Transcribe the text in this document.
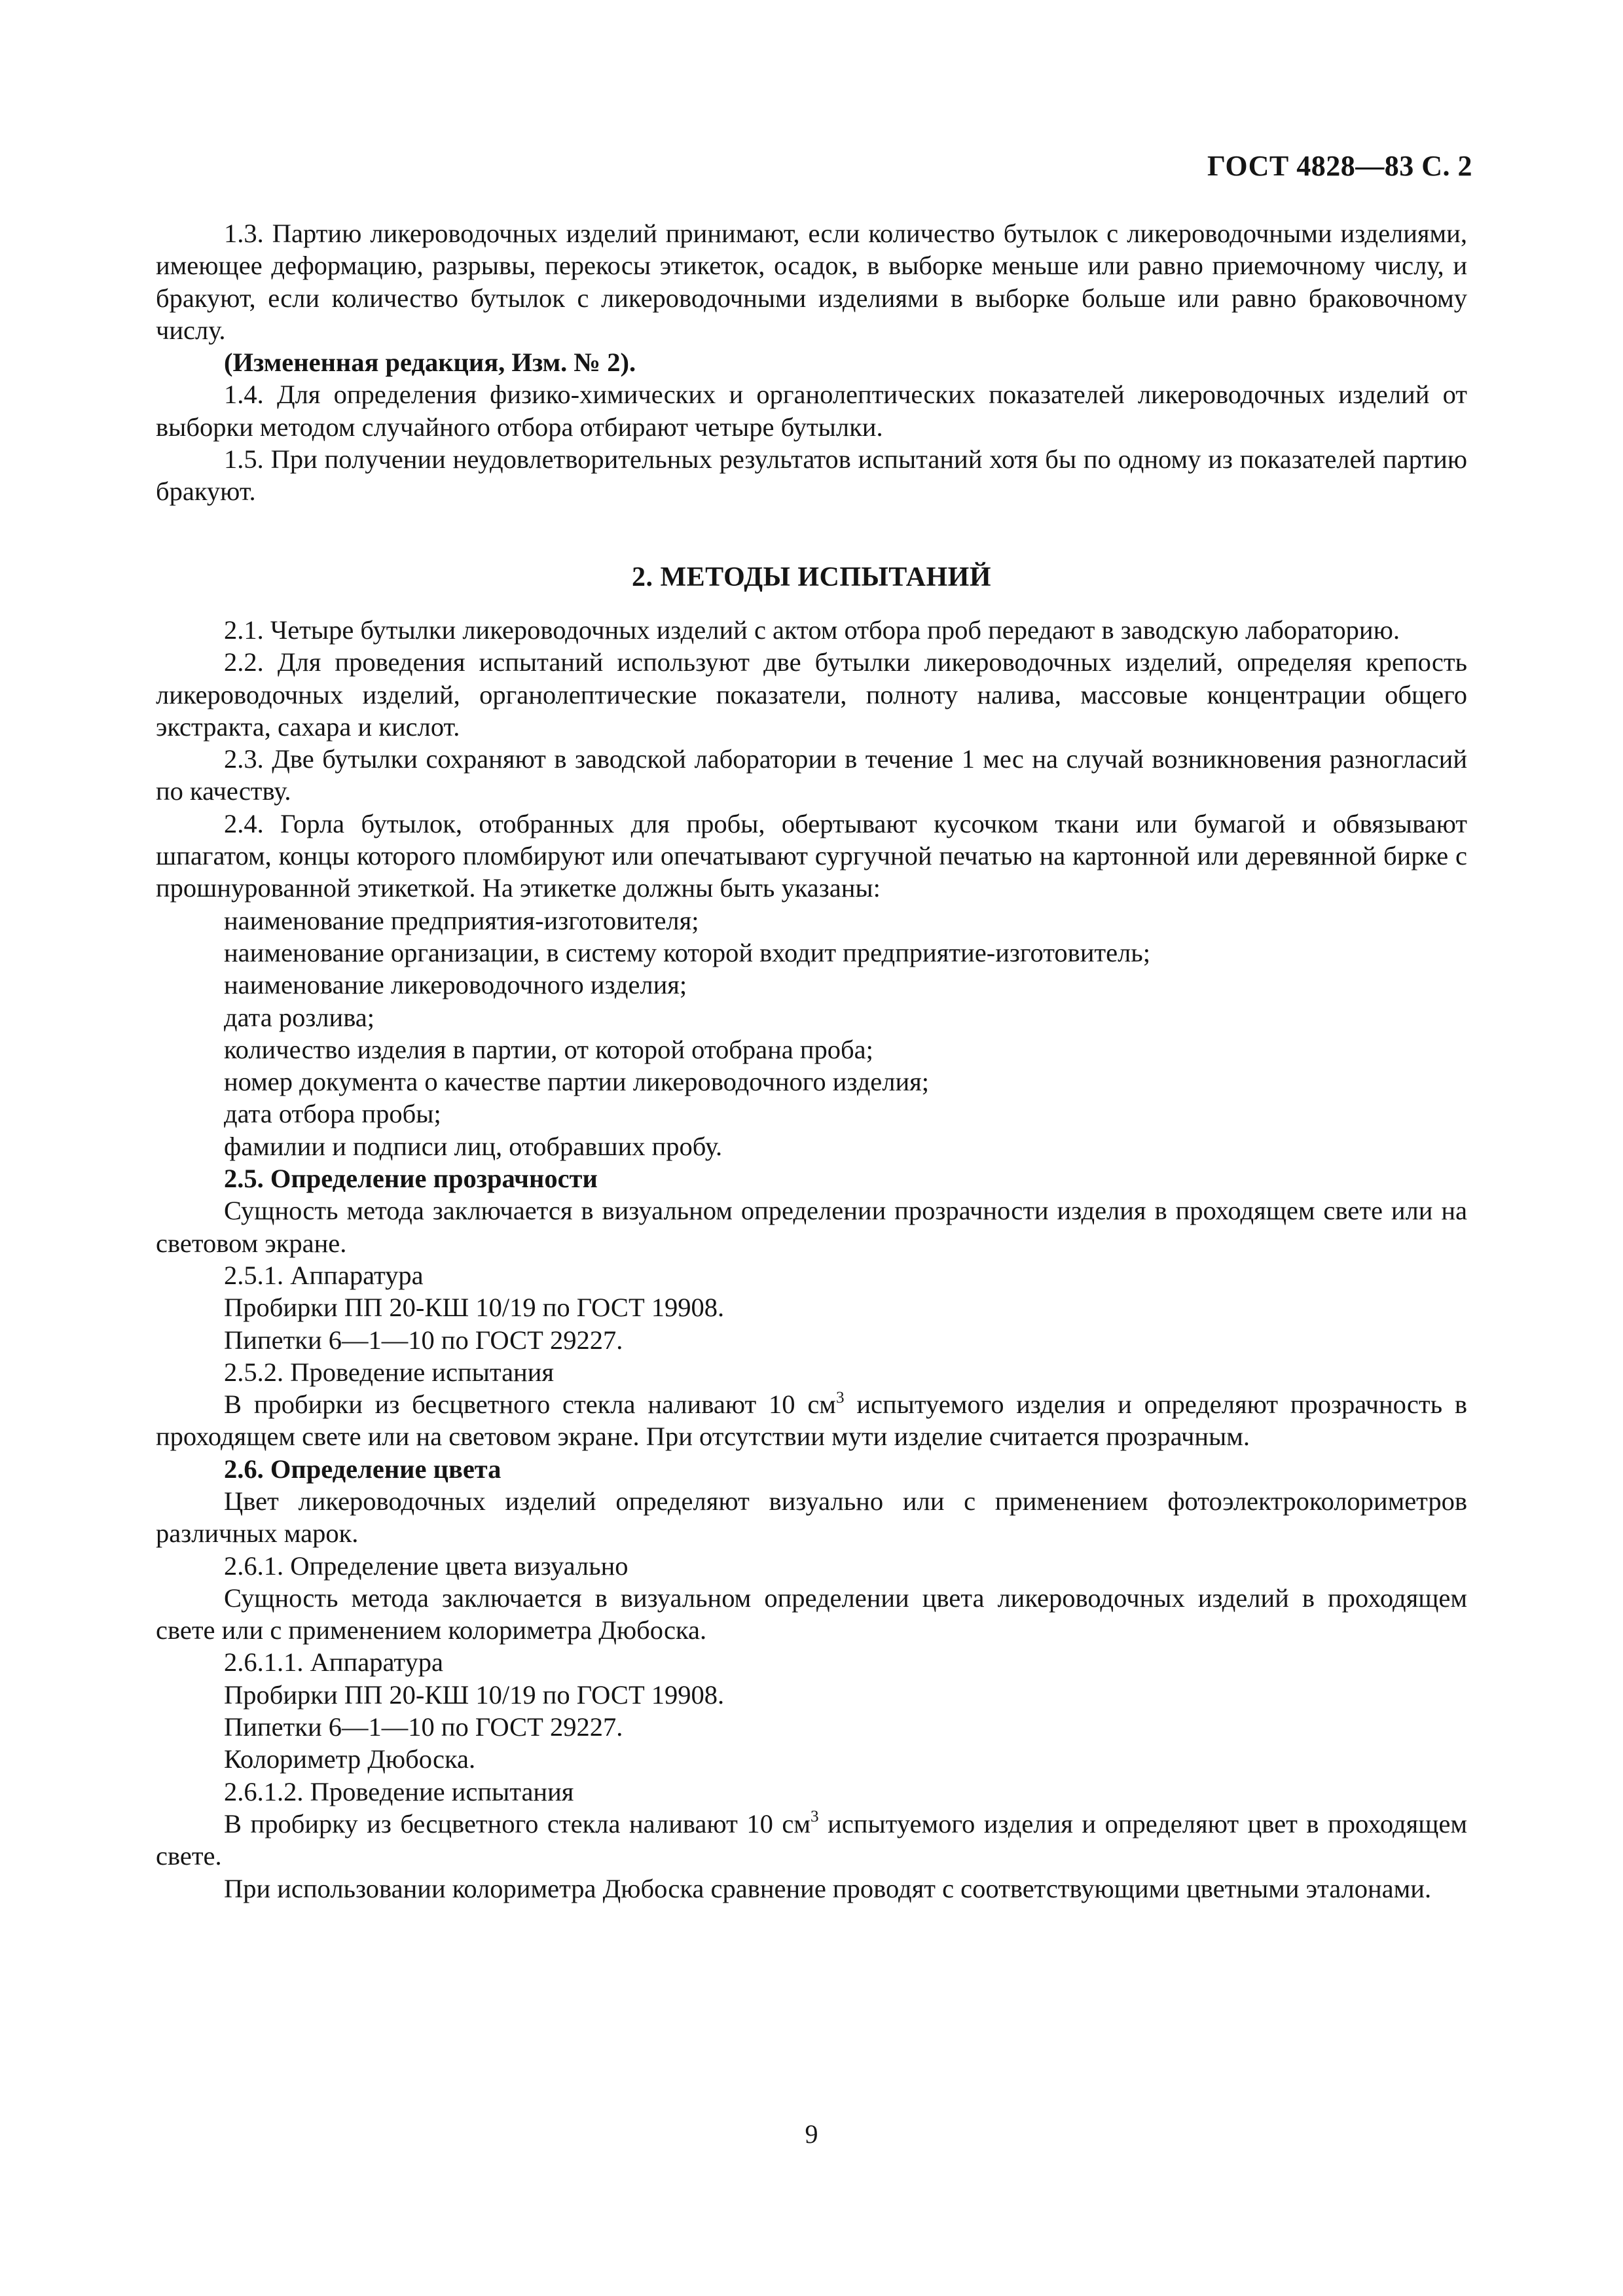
ГОСТ 4828—83 С. 2

1.3. Партию ликероводочных изделий принимают, если количество бутылок с ликероводочными изделиями, имеющее деформацию, разрывы, перекосы этикеток, осадок, в выборке меньше или равно приемочному числу, и бракуют, если количество бутылок с ликероводочными изделиями в выборке больше или равно браковочному числу.

(Измененная редакция, Изм. № 2).

1.4. Для определения физико-химических и органолептических показателей ликероводочных изделий от выборки методом случайного отбора отбирают четыре бутылки.

1.5. При получении неудовлетворительных результатов испытаний хотя бы по одному из показателей партию бракуют.

2. МЕТОДЫ ИСПЫТАНИЙ

2.1. Четыре бутылки ликероводочных изделий с актом отбора проб передают в заводскую лабораторию.

2.2. Для проведения испытаний используют две бутылки ликероводочных изделий, определяя крепость ликероводочных изделий, органолептические показатели, полноту налива, массовые концентрации общего экстракта, сахара и кислот.

2.3. Две бутылки сохраняют в заводской лаборатории в течение 1 мес на случай возникновения разногласий по качеству.

2.4. Горла бутылок, отобранных для пробы, обертывают кусочком ткани или бумагой и обвязывают шпагатом, концы которого пломбируют или опечатывают сургучной печатью на картонной или деревянной бирке с прошнурованной этикеткой. На этикетке должны быть указаны:

наименование предприятия-изготовителя;

наименование организации, в систему которой входит предприятие-изготовитель;

наименование ликероводочного изделия;

дата розлива;

количество изделия в партии, от которой отобрана проба;

номер документа о качестве партии ликероводочного изделия;

дата отбора пробы;

фамилии и подписи лиц, отобравших пробу.

2.5. Определение прозрачности

Сущность метода заключается в визуальном определении прозрачности изделия в проходящем свете или на световом экране.

2.5.1. Аппаратура

Пробирки ПП 20-КШ 10/19 по ГОСТ 19908.

Пипетки 6—1—10 по ГОСТ 29227.

2.5.2. Проведение испытания

В пробирки из бесцветного стекла наливают 10 $см^3$ испытуемого изделия и определяют прозрачность в проходящем свете или на световом экране. При отсутствии мути изделие считается прозрачным.

2.6. Определение цвета

Цвет ликероводочных изделий определяют визуально или с применением фотоэлектроколориметров различных марок.

2.6.1. Определение цвета визуально

Сущность метода заключается в визуальном определении цвета ликероводочных изделий в проходящем свете или с применением колориметра Дюбоска.

2.6.1.1. Аппаратура

Пробирки ПП 20-КШ 10/19 по ГОСТ 19908.

Пипетки 6—1—10 по ГОСТ 29227.

Колориметр Дюбоска.

2.6.1.2. Проведение испытания

В пробирку из бесцветного стекла наливают 10 $см^3$ испытуемого изделия и определяют цвет в проходящем свете.

При использовании колориметра Дюбоска сравнение проводят с соответствующими цветными эталонами.

9
